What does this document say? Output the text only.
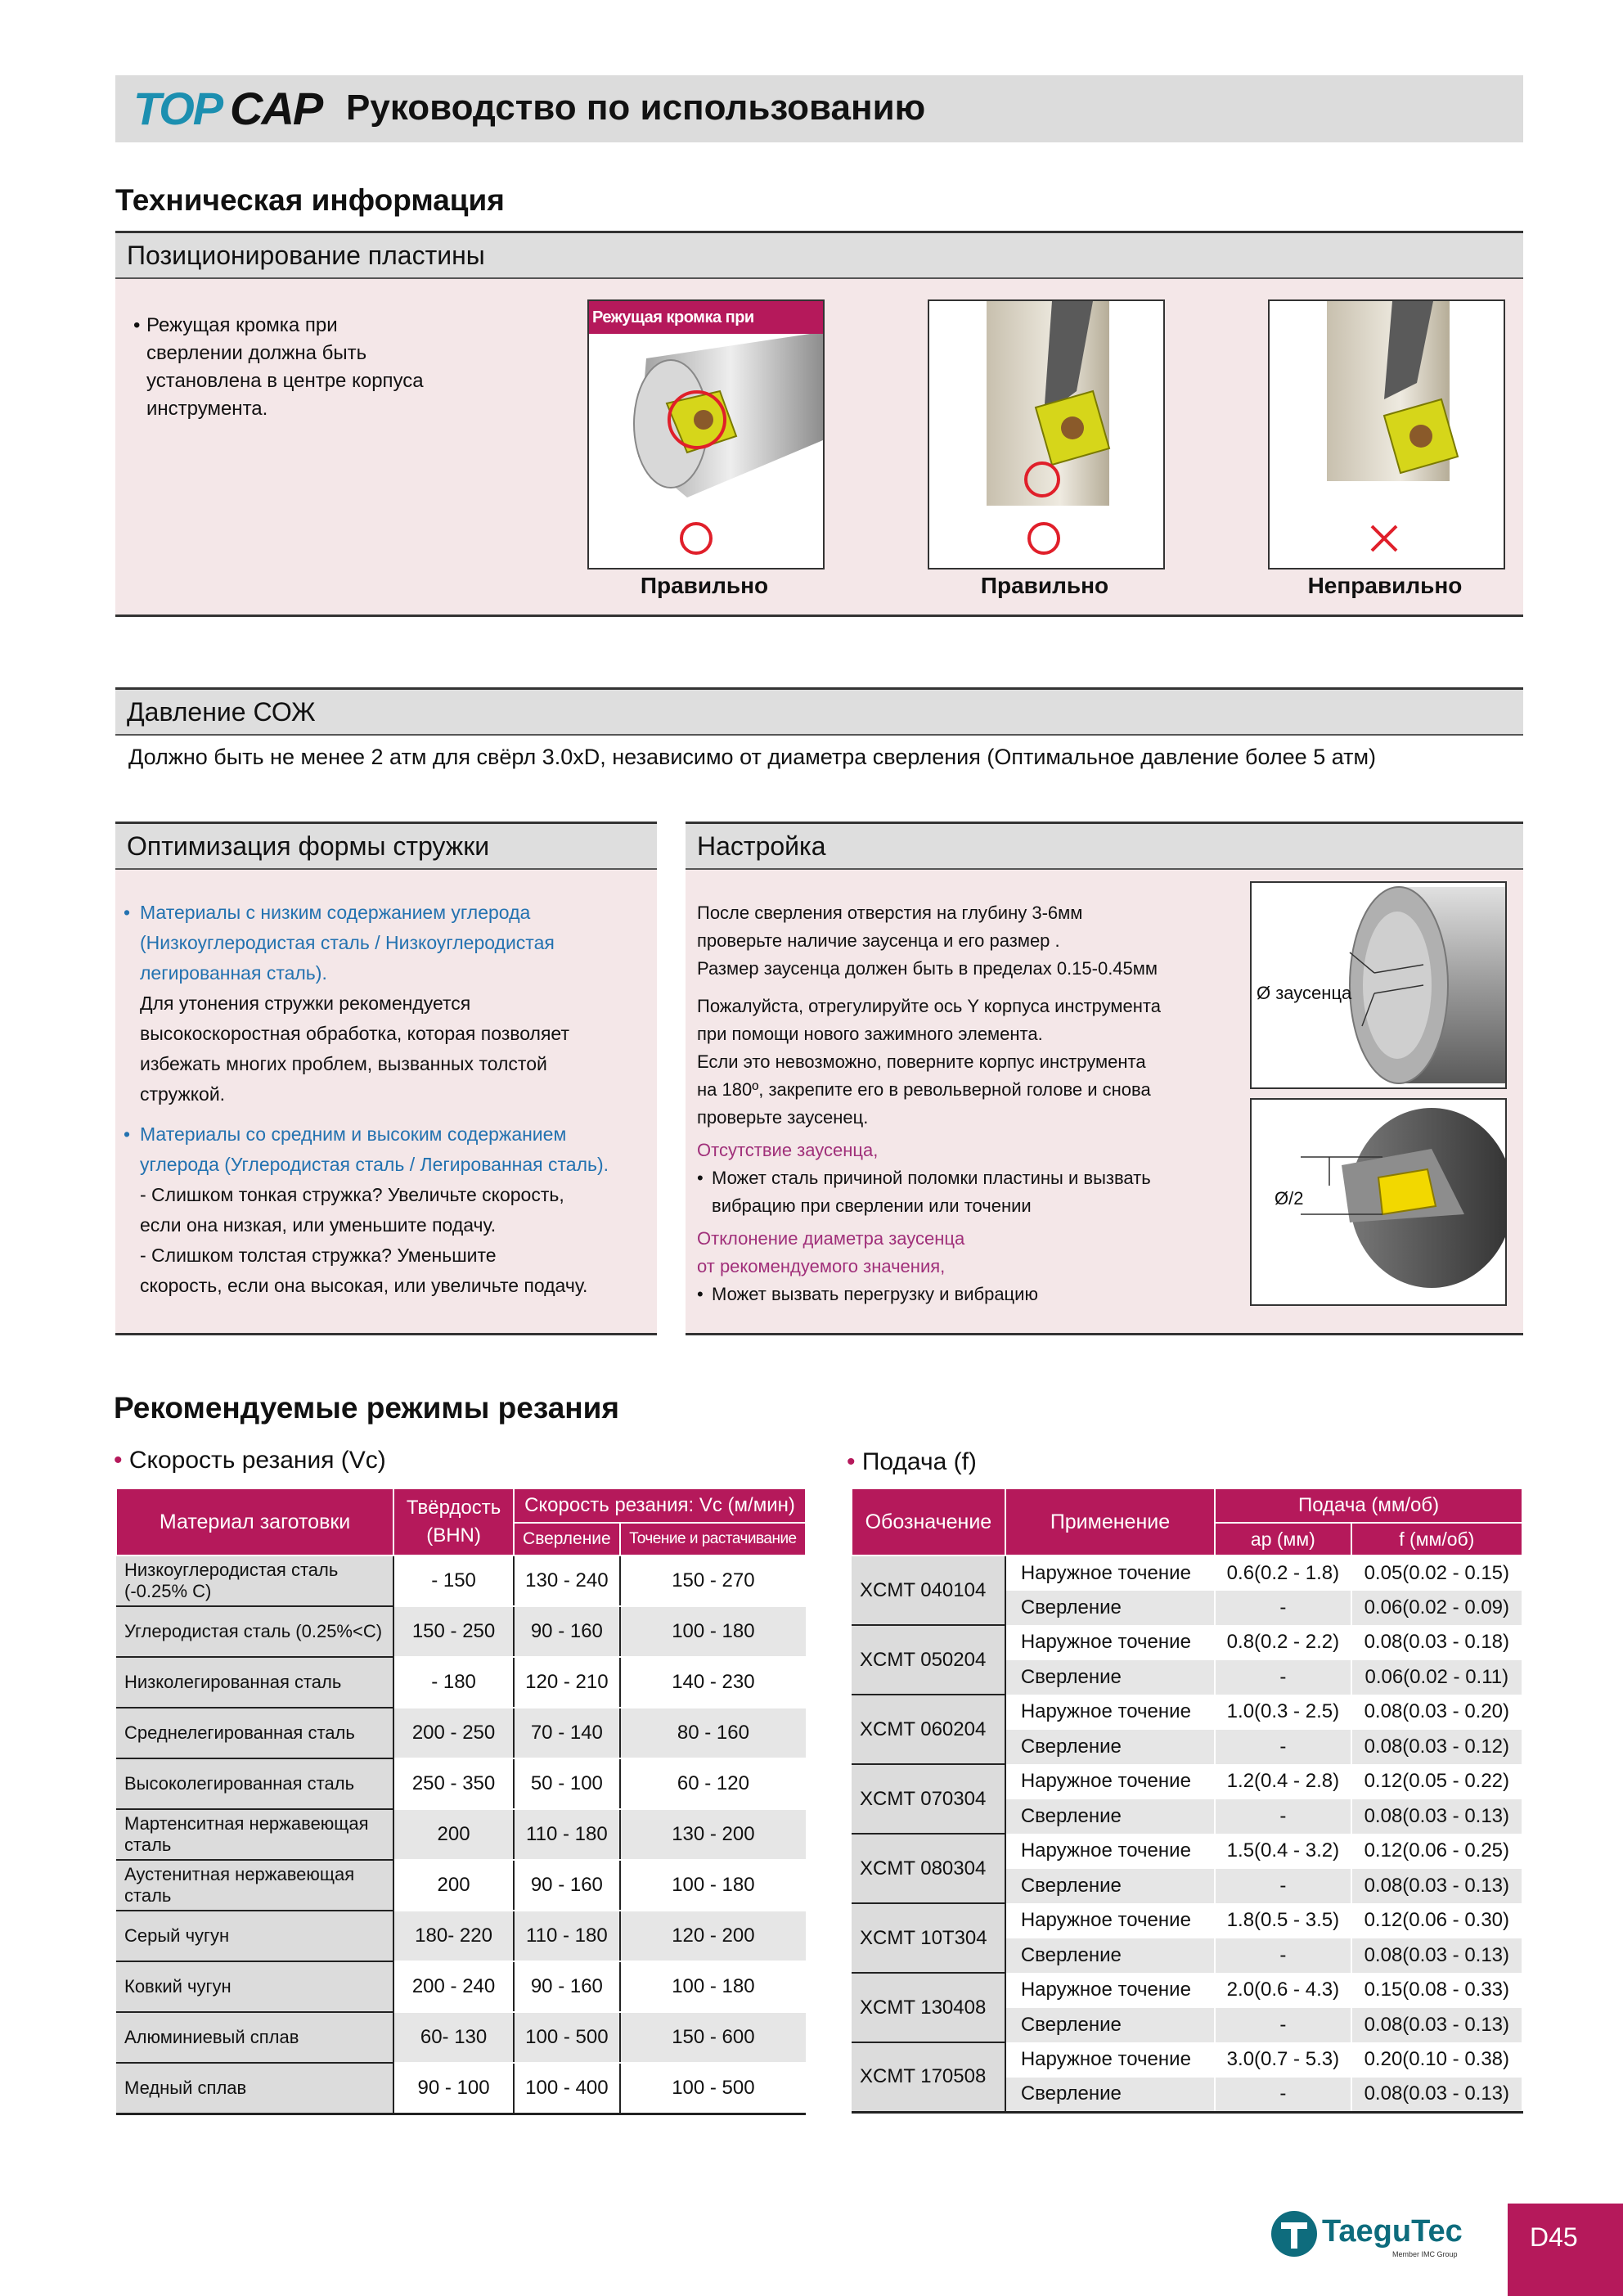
TOP CAP Руководство по использованию
Техническая информация
Позиционирование пластины
• Режущая кромка при
сверлении должна быть
установлена в центре корпуса
инструмента.
Режущая кромка при сверлении
Правильно	Правильно	Неправильно
Давление СОЖ
Должно быть не менее 2 атм для свёрл 3.0xD, независимо от диаметра сверления (Оптимальное давление более 5 атм)
Оптимизация формы стружки
• Материалы с низким содержанием углерода
(Низкоуглеродистая сталь / Низкоуглеродистая
легированная сталь).
Для утонения стружки рекомендуется
высокоскоростная обработка, которая позволяет
избежать многих проблем, вызванных толстой
стружкой.
• Материалы со средним и высоким содержанием
углерода (Углеродистая сталь / Легированная сталь).
- Слишком тонкая стружка? Увеличьте скорость,
если она низкая, или уменьшите подачу.
- Слишком толстая стружка? Уменьшите
скорость, если она высокая, или увеличьте подачу.
Настройка
После сверления отверстия на глубину 3-6мм
проверьте наличие заусенца и его размер .
Размер заусенца должен быть в пределах 0.15-0.45мм
Пожалуйста, отрегулируйте ось Y корпуса инструмента
при помощи нового зажимного элемента.
Если это невозможно, поверните корпус инструмента
на 180º, закрепите его в револьверной голове и снова
проверьте заусенец.
Отсутствие заусенца,
• Может сталь причиной поломки пластины и вызвать
вибрацию при сверлении или точении
Отклонение диаметра заусенца
от рекомендуемого значения,
• Может вызвать перегрузку и вибрацию
Ø заусенца
Ø/2
Рекомендуемые режимы резания
• Скорость резания (Vc)	• Подача (f)
Материал заготовки	Твёрдость (BHN)	Скорость резания: Vc (м/мин)	
		Сверление	Точение и растачивание
Низкоуглеродистая сталь (-0.25% C)	- 150	130 - 240	150 - 270
Углеродистая сталь (0.25%<C)	150 - 250	90 - 160	100 - 180
Низколегированная сталь	- 180	120 - 210	140 - 230
Среднелегированная сталь	200 - 250	70 - 140	80 - 160
Высоколегированная сталь	250 - 350	50 - 100	60 - 120
Мартенситная нержавеющая сталь	200	110 - 180	130 - 200
Аустенитная нержавеющая сталь	200	90 - 160	100 - 180
Серый чугун	180- 220	110 - 180	120 - 200
Ковкий чугун	200 - 240	90 - 160	100 - 180
Алюминиевый сплав	60- 130	100 - 500	150 - 600
Медный сплав	90 - 100	100 - 400	100 - 500
Обозначение	Применение	Подача (мм/об)	
		ap (мм)	f (мм/об)
XCMT 040104	Наружное точение	0.6(0.2 - 1.8)	0.05(0.02 - 0.15)
	Сверление	-	0.06(0.02 - 0.09)
XCMT 050204	Наружное точение	0.8(0.2 - 2.2)	0.08(0.03 - 0.18)
	Сверление	-	0.06(0.02 - 0.11)
XCMT 060204	Наружное точение	1.0(0.3 - 2.5)	0.08(0.03 - 0.20)
	Сверление	-	0.08(0.03 - 0.12)
XCMT 070304	Наружное точение	1.2(0.4 - 2.8)	0.12(0.05 - 0.22)
	Сверление	-	0.08(0.03 - 0.13)
XCMT 080304	Наружное точение	1.5(0.4 - 3.2)	0.12(0.06 - 0.25)
	Сверление	-	0.08(0.03 - 0.13)
XCMT 10T304	Наружное точение	1.8(0.5 - 3.5)	0.12(0.06 - 0.30)
	Сверление	-	0.08(0.03 - 0.13)
XCMT 130408	Наружное точение	2.0(0.6 - 4.3)	0.15(0.08 - 0.33)
	Сверление	-	0.08(0.03 - 0.13)
XCMT 170508	Наружное точение	3.0(0.7 - 5.3)	0.20(0.10 - 0.38)
	Сверление	-	0.08(0.03 - 0.13)
TaeguTec
Member IMC Group
D45
